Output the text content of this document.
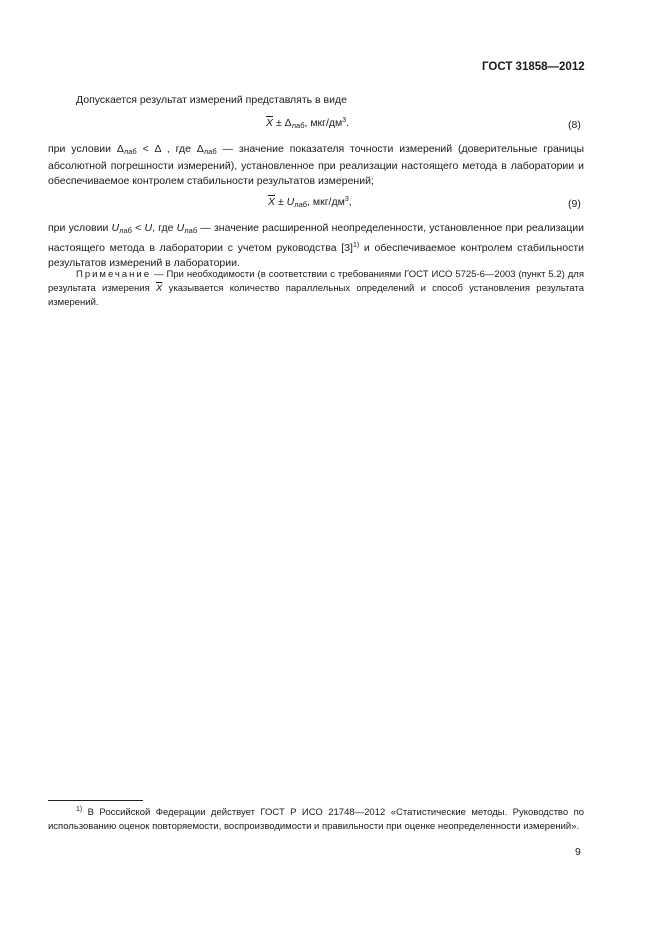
ГОСТ 31858—2012
Допускается результат измерений представлять в виде
$\overline{X} \pm \Delta_{лаб}$, мкг/$дм^3$.	(8)
при условии $\Delta_{лаб} < \Delta$ , где $\Delta_{лаб}$ — значение показателя точности измерений (доверительные границы абсолютной погрешности измерений), установленное при реализации настоящего метода в лаборатории и обеспечиваемое контролем стабильности результатов измерений;
$\overline{X} \pm U_{лаб}$, мкг/$дм^3$,	(9)
при условии $U_{лаб} < U$, где $U_{лаб}$ — значение расширенной неопределенности, установленное при реализации настоящего метода в лаборатории с учетом руководства $[3]^{1)}$ и обеспечиваемое контролем стабильности результатов измерений в лаборатории.
Примечание — При необходимости (в соответствии с требованиями ГОСТ ИСО 5725-6—2003 (пункт 5.2) для результата измерения $\overline{X}$ указывается количество параллельных определений и способ установления результата измерений.
$^{1)}$ В Российской Федерации действует ГОСТ Р ИСО 21748—2012 «Статистические методы. Руководство по использованию оценок повторяемости, воспроизводимости и правильности при оценке неопределенности измерений».
9
